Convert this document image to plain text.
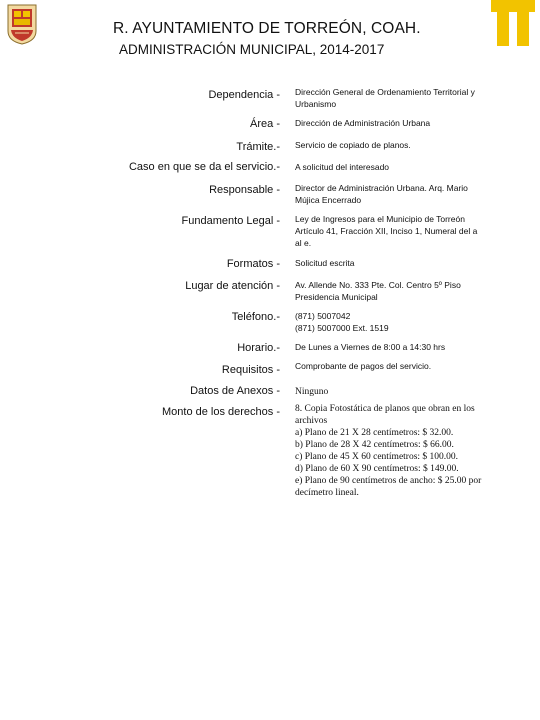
R. AYUNTAMIENTO DE TORREÓN, COAH.
ADMINISTRACIÓN MUNICIPAL, 2014-2017
Dependencia - Dirección General de Ordenamiento Territorial y Urbanismo
Área - Dirección de Administración Urbana
Trámite.- Servicio de copiado de planos.
Caso en que se da el servicio.- A solicitud del interesado
Responsable - Director de Administración Urbana. Arq. Mario Mújica Encerrado
Fundamento Legal - Ley de Ingresos para el Municipio de Torreón Artículo 41, Fracción XII, Inciso 1, Numeral del a al e.
Formatos - Solicitud escrita
Lugar de atención - Av. Allende No. 333 Pte. Col. Centro 5º Piso Presidencia Municipal
Teléfono.- (871) 5007042
(871) 5007000 Ext. 1519
Horario.- De Lunes a Viernes de 8:00 a 14:30 hrs
Requisitos - Comprobante de pagos del servicio.
Datos de Anexos - Ninguno
Monto de los derechos - 8. Copia Fotostática de planos que obran en los archivos
a) Plano de 21 X 28 centímetros: $ 32.00.
b) Plano de 28 X 42 centímetros: $ 66.00.
c) Plano de 45 X 60 centímetros: $ 100.00.
d) Plano de 60 X 90 centímetros: $ 149.00.
e) Plano de 90 centímetros de ancho: $ 25.00 por decímetro lineal.
